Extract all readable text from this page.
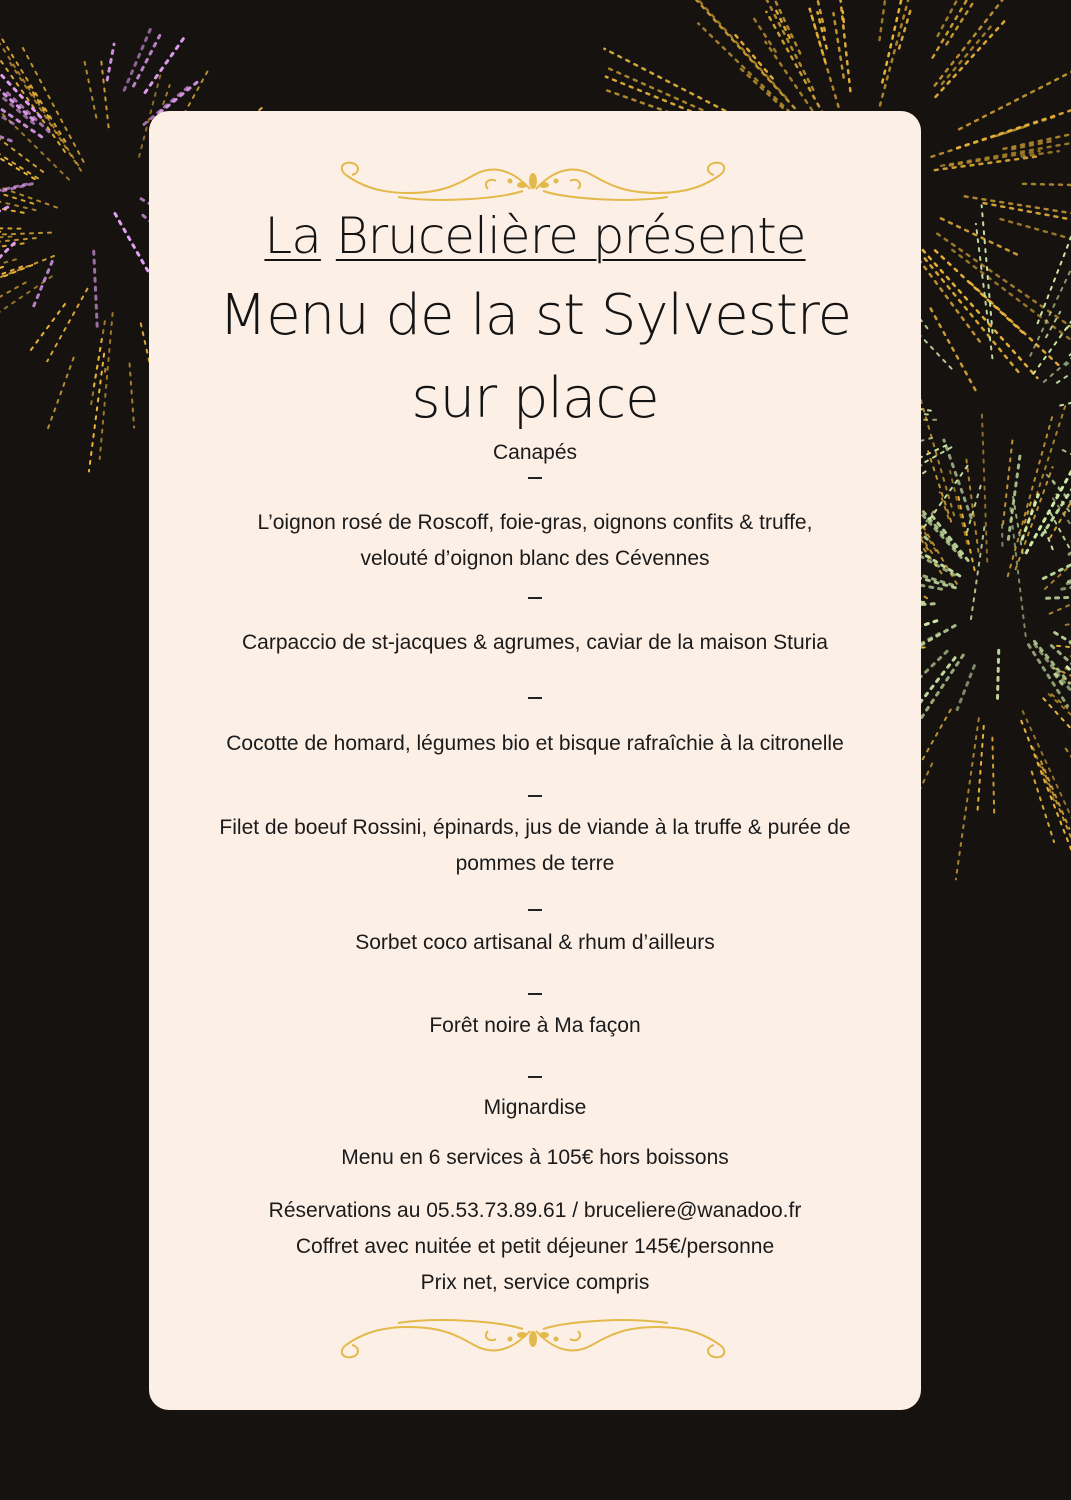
La Brucelière présente
Menu de la st Sylvestre
sur place
Canapés
L’oignon rosé de Roscoff, foie-gras, oignons confits & truffe,
velouté d’oignon blanc des Cévennes
Carpaccio de st-jacques & agrumes, caviar de la maison Sturia
Cocotte de homard, légumes bio et bisque rafraîchie à la citronelle
Filet de boeuf Rossini, épinards, jus de viande à la truffe & purée de
pommes de terre
Sorbet coco artisanal & rhum d’ailleurs
Forêt noire à Ma façon
Mignardise
Menu en 6 services à 105€ hors boissons
Réservations au 05.53.73.89.61 / bruceliere@wanadoo.fr
Coffret avec nuitée et petit déjeuner 145€/personne
Prix net, service compris
